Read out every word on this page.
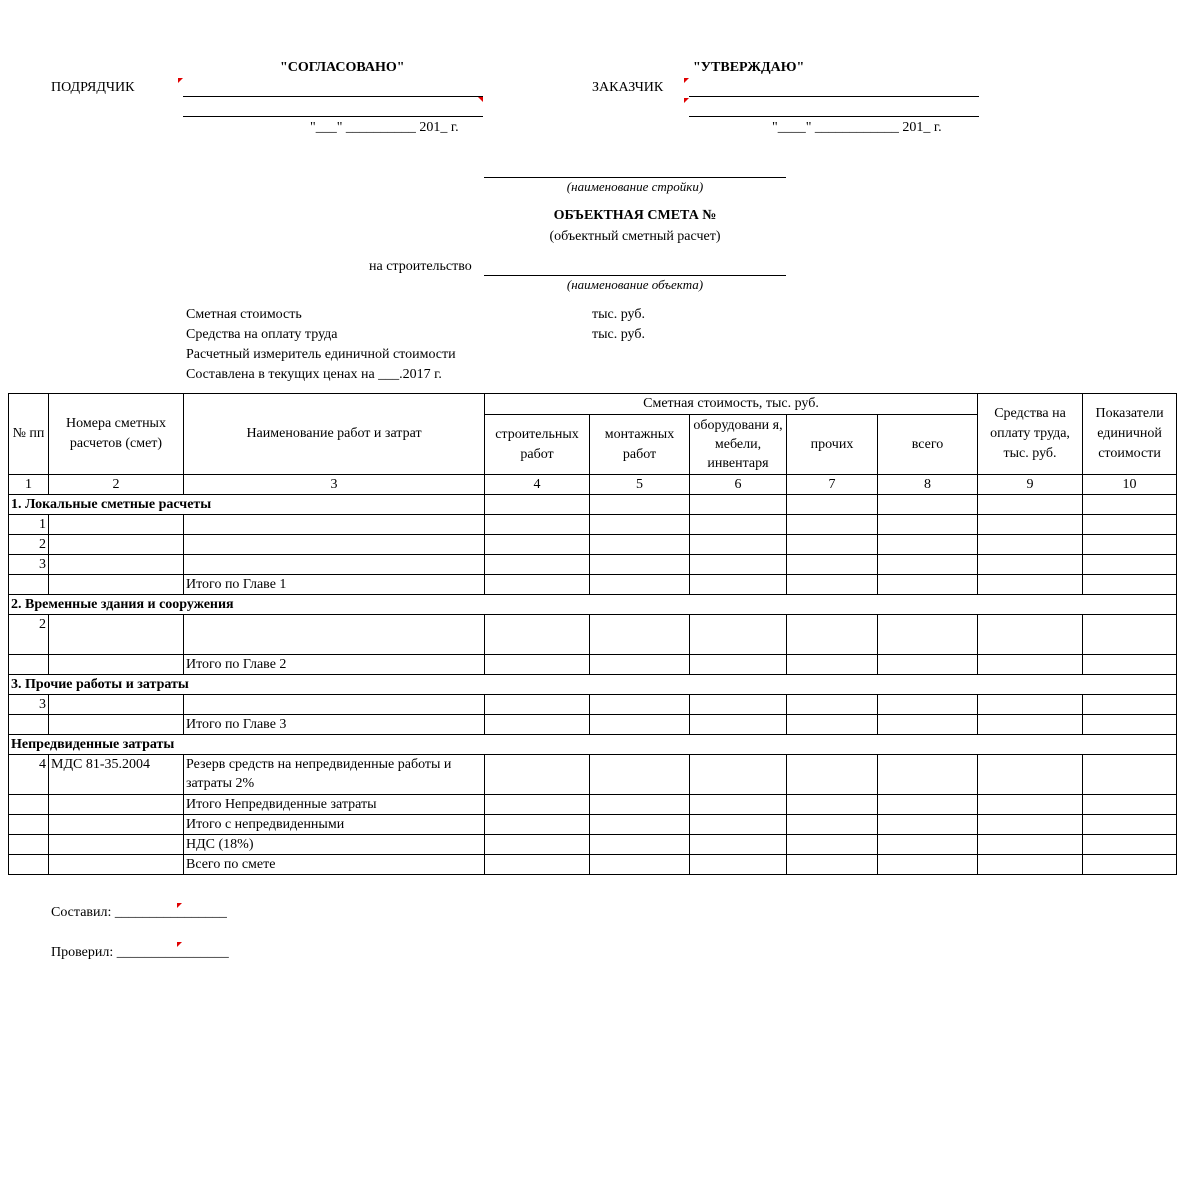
ПОДРЯДЧИК
"СОГЛАСОВАНО"
"___" __________ 201_ г.
ЗАКАЗЧИК
"УТВЕРЖДАЮ"
"____" ____________ 201_ г.
(наименование стройки)
ОБЪЕКТНАЯ СМЕТА №
(объектный сметный расчет)
на строительство
(наименование объекта)
Сметная стоимость	тыс. руб.
Средства на оплату труда	тыс. руб.
Расчетный измеритель единичной стоимости
Составлена в текущих ценах на ___.2017 г.
№ пп	Номера сметных расчетов (смет)	Наименование работ и затрат	Сметная стоимость, тыс. руб.					Средства на оплату труда, тыс. руб.	Показатели единичной стоимости
			строительных работ	монтажных работ	оборудовани я, мебели, инвентаря	прочих	всего		
1	2	3	4	5	6	7	8	9	10
1. Локальные сметные расчеты									
1									
2									
3									
		Итого по Главе 1							
2. Временные здания и сооружения									
2									
		Итого по Главе 2							
3. Прочие работы и затраты									
3									
		Итого по Главе 3							
Непредвиденные затраты									
4	МДС 81-35.2004	Резерв средств на непредвиденные работы и затраты 2%							
		Итого Непредвиденные затраты							
		Итого с непредвиденными							
		НДС (18%)							
		Всего по смете							
Составил: ________________
Проверил: ________________
